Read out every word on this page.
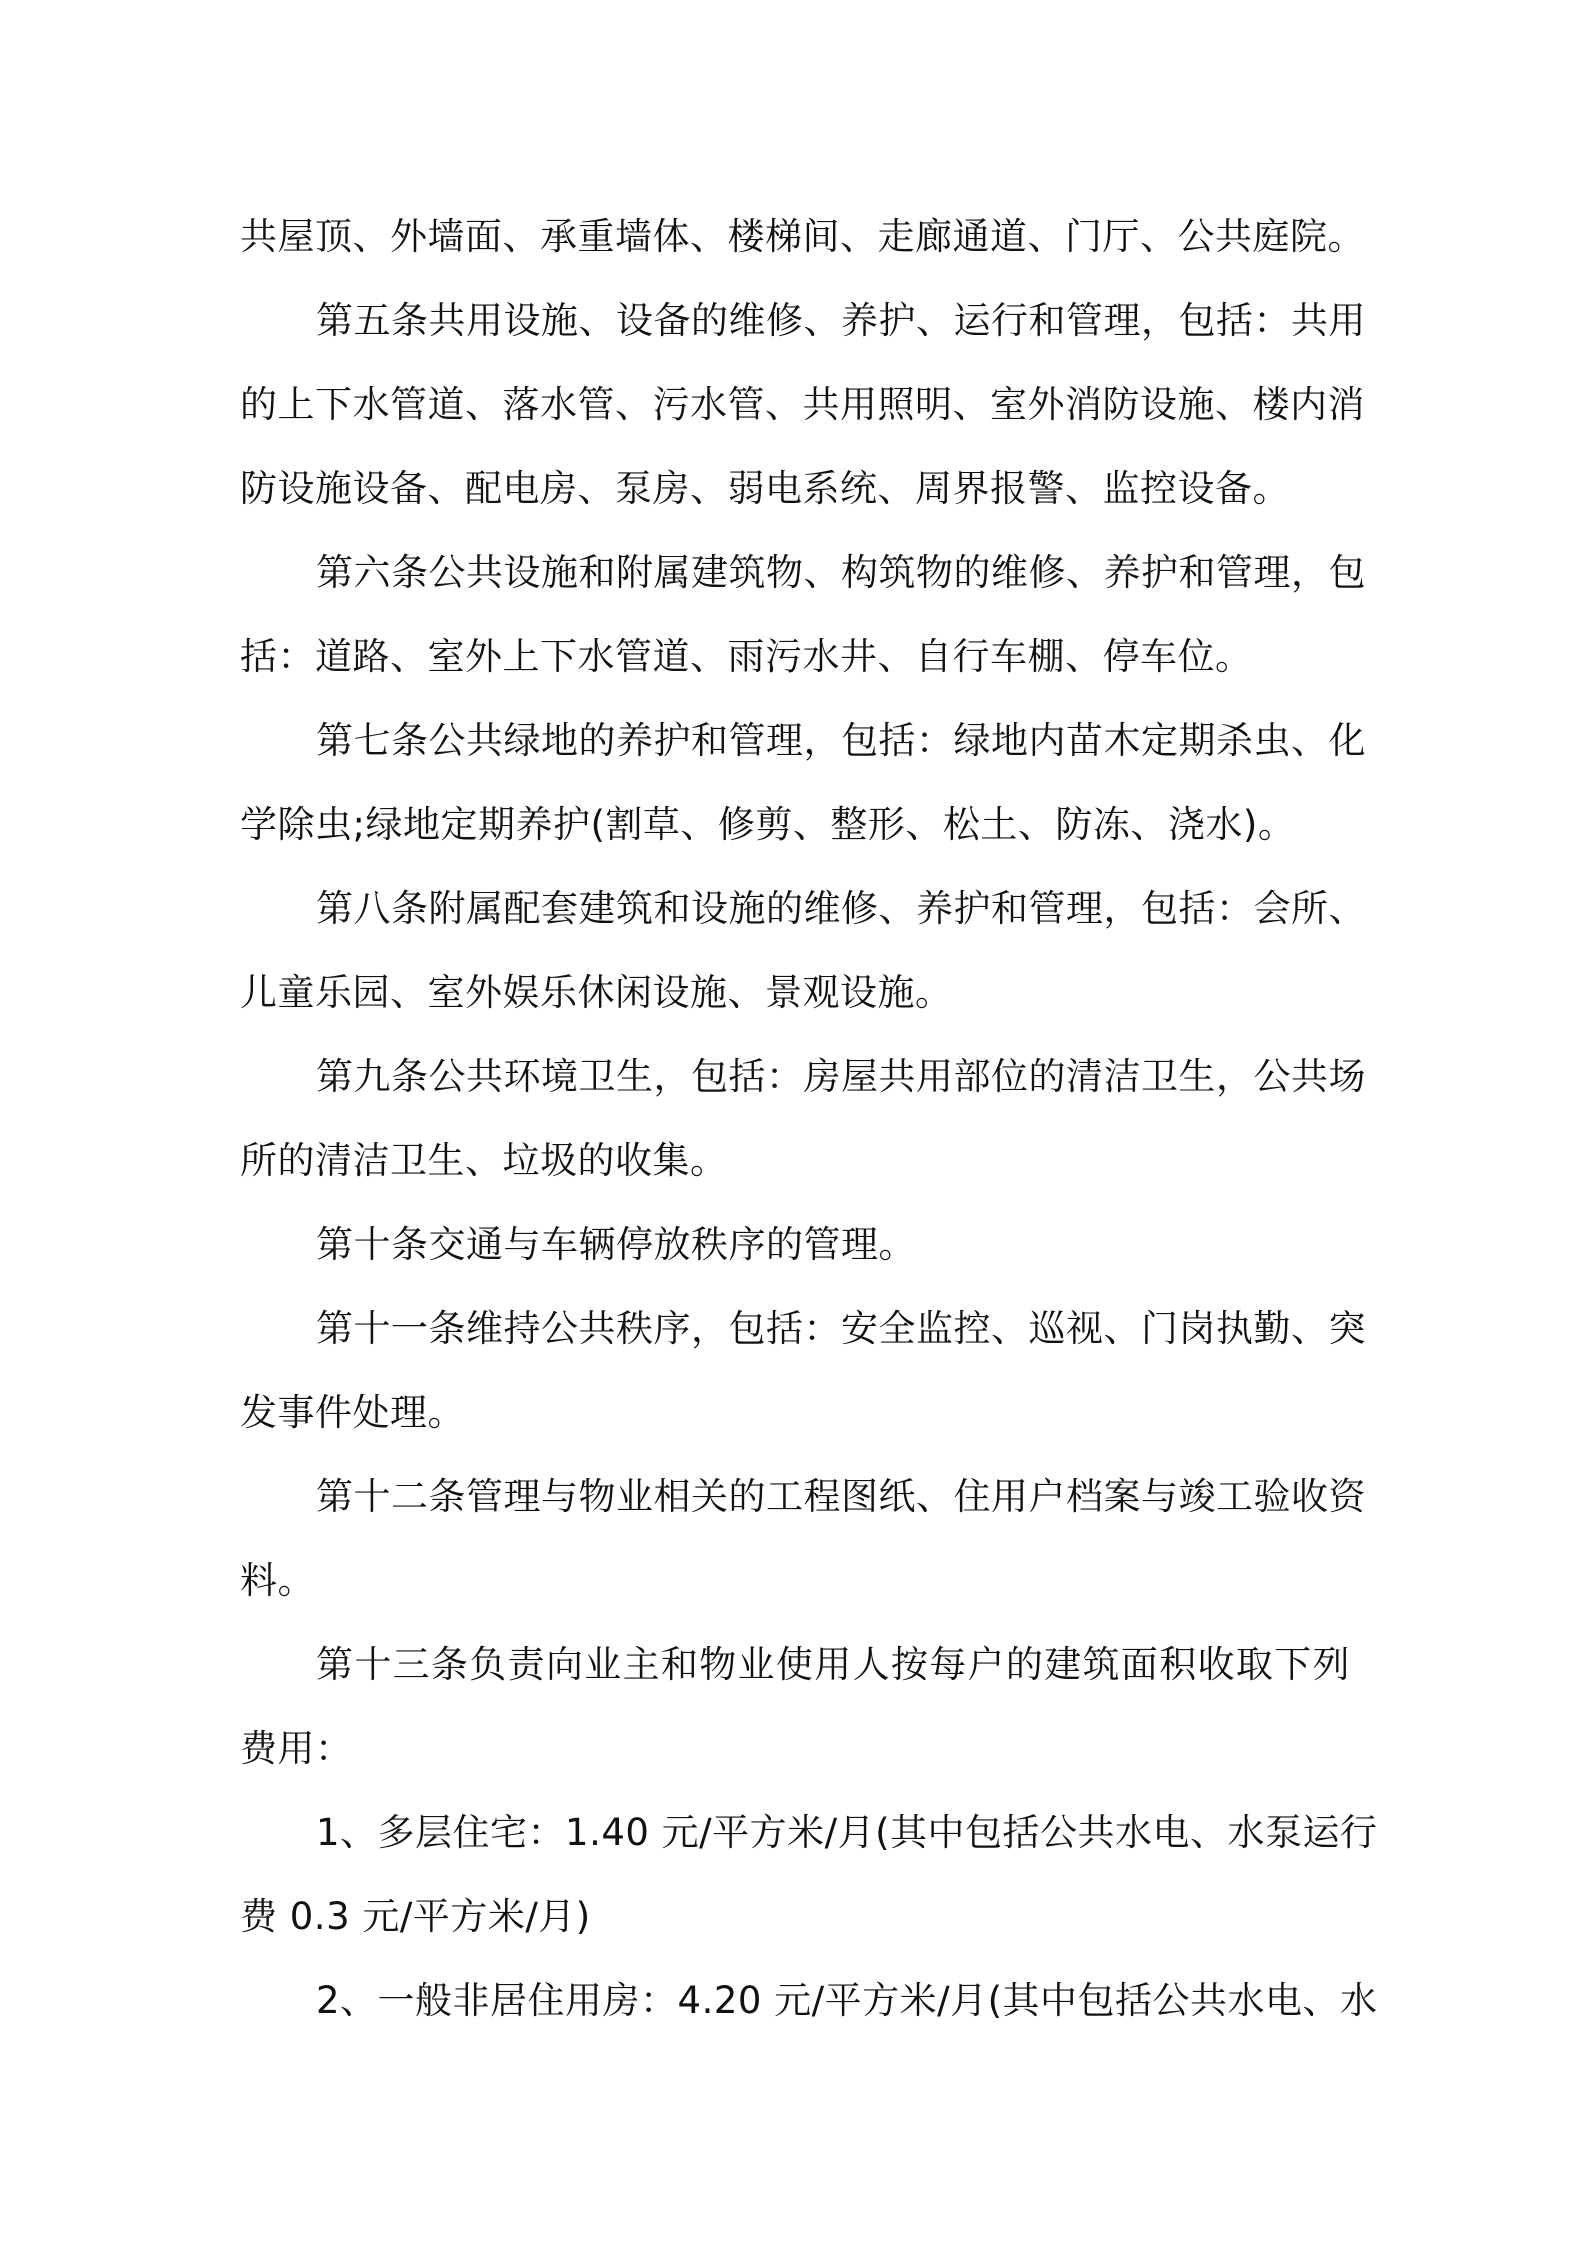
共屋顶、外墙面、承重墙体、楼梯间、走廊通道、门厅、公共庭院。
第五条共用设施、设备的维修、养护、运行和管理，包括：共用
的上下水管道、落水管、污水管、共用照明、室外消防设施、楼内消
防设施设备、配电房、泵房、弱电系统、周界报警、监控设备。
第六条公共设施和附属建筑物、构筑物的维修、养护和管理，包
括：道路、室外上下水管道、雨污水井、自行车棚、停车位。
第七条公共绿地的养护和管理，包括：绿地内苗木定期杀虫、化
学除虫;绿地定期养护(割草、修剪、整形、松土、防冻、浇水)。
第八条附属配套建筑和设施的维修、养护和管理，包括：会所、
儿童乐园、室外娱乐休闲设施、景观设施。
第九条公共环境卫生，包括：房屋共用部位的清洁卫生，公共场
所的清洁卫生、垃圾的收集。
第十条交通与车辆停放秩序的管理。
第十一条维持公共秩序，包括：安全监控、巡视、门岗执勤、突
发事件处理。
第十二条管理与物业相关的工程图纸、住用户档案与竣工验收资
料。
第十三条负责向业主和物业使用人按每户的建筑面积收取下列
费用：
1、多层住宅：1.40 元/平方米/月(其中包括公共水电、水泵运行
费 0.3 元/平方米/月)
2、一般非居住用房：4.20 元/平方米/月(其中包括公共水电、水
